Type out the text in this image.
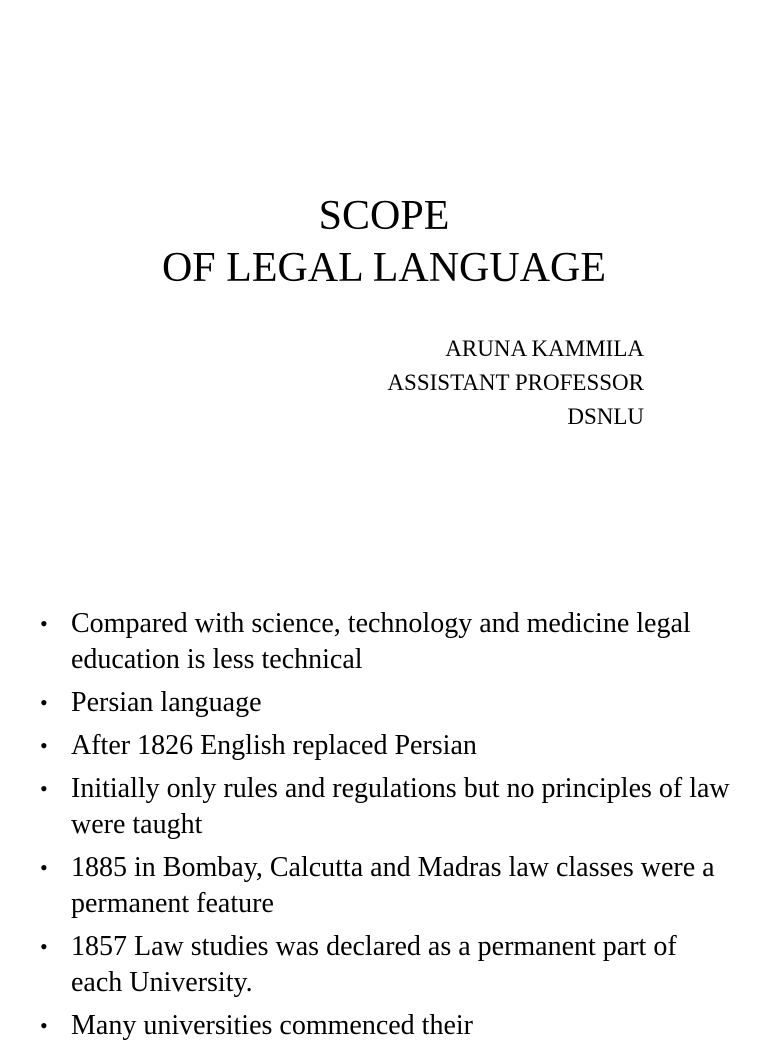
SCOPE
OF LEGAL LANGUAGE
ARUNA KAMMILA
ASSISTANT PROFESSOR
DSNLU
• Compared with science, technology and medicine legal education is less technical
• Persian language
• After 1826 English replaced Persian
• Initially only rules and regulations but no principles of law were taught
• 1885 in Bombay, Calcutta and Madras law classes were a permanent feature
• 1857 Law studies was declared as a permanent part of each University.
• Many universities commenced their
